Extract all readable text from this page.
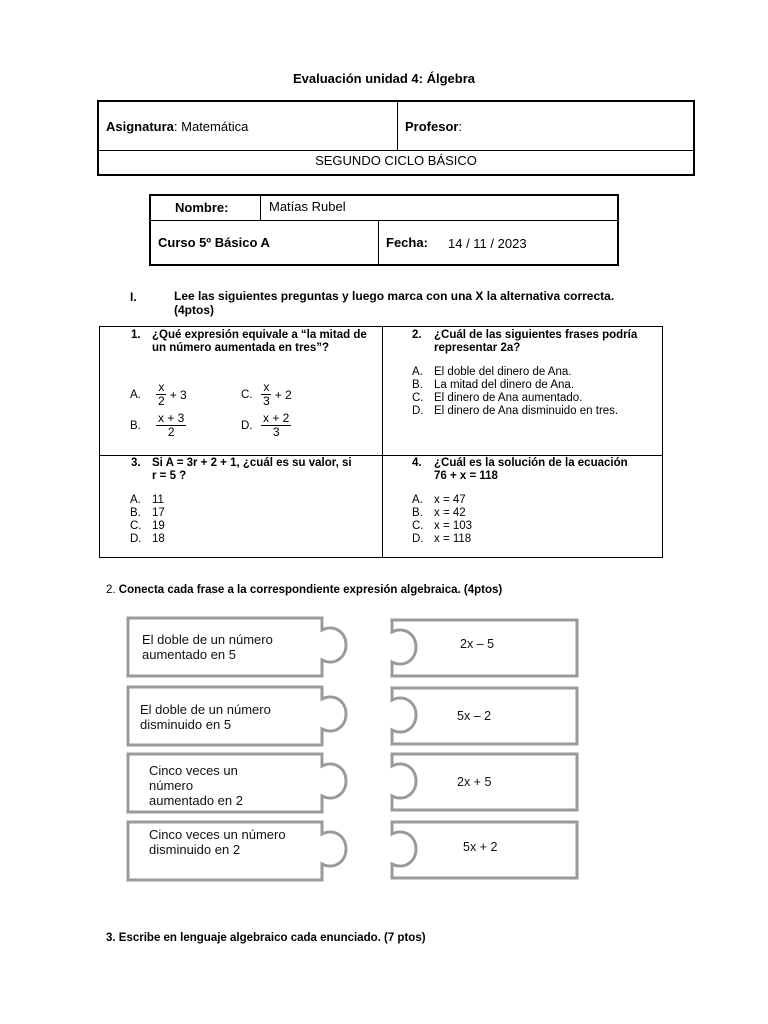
Evaluación unidad 4: Álgebra
Asignatura: Matemática	Profesor:
SEGUNDO CICLO BÁSICO
Nombre:	Matías Rubel
Curso 5º Básico A	Fecha: 14 / 11 / 2023
I.	Lee las siguientes preguntas y luego marca con una X la alternativa correcta. (4ptos)
1. ¿Qué expresión equivale a “la mitad de un número aumentada en tres”?
A.	$\frac{x}{2} + 3$
B.	$\frac{x + 3}{2}$
C. $\frac{x}{3} + 2$
D. $\frac{x + 2}{3}$
2. ¿Cuál de las siguientes frases podría representar 2a?
A. El doble del dinero de Ana.
B. La mitad del dinero de Ana.
C. El dinero de Ana aumentado.
D. El dinero de Ana disminuido en tres.
3. Si A = 3r + 2 + 1, ¿cuál es su valor, si r = 5 ?
A. 11
B. 17
C. 19
D. 18
4. ¿Cuál es la solución de la ecuación 76 + x = 118
A. x = 47
B. x = 42
C. x = 103
D. x = 118
2. Conecta cada frase a la correspondiente expresión algebraica. (4ptos)
El doble de un número
aumentado en 5
El doble de un número
disminuido en 5
Cinco veces un
número
aumentado en 2
Cinco veces un número
disminuido en 2
2x – 5
5x – 2
2x + 5
5x + 2
3. Escribe en lenguaje algebraico cada enunciado. (7 ptos)
